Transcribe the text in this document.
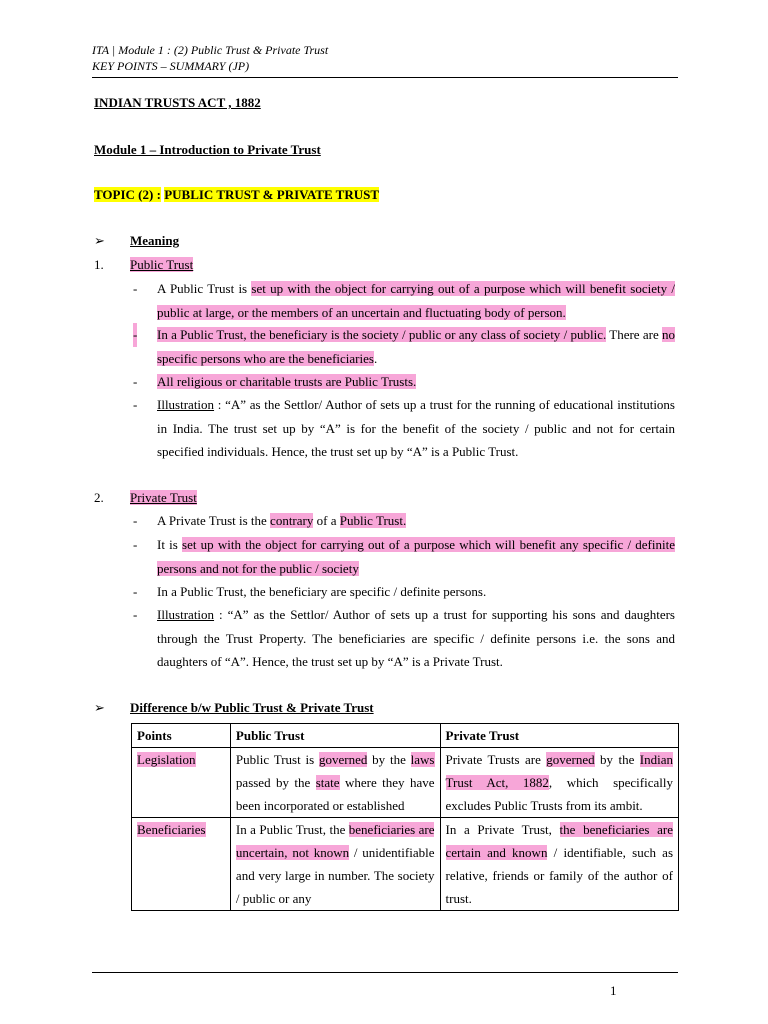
ITA | Module 1 : (2) Public Trust & Private Trust
KEY POINTS – SUMMARY (JP)
INDIAN TRUSTS ACT , 1882
Module 1 – Introduction to Private Trust
TOPIC (2) : PUBLIC TRUST & PRIVATE TRUST
➢ Meaning
1. Public Trust
- A Public Trust is set up with the object for carrying out of a purpose which will benefit society / public at large, or the members of an uncertain and fluctuating body of person.
- In a Public Trust, the beneficiary is the society / public or any class of society / public. There are no specific persons who are the beneficiaries.
- All religious or charitable trusts are Public Trusts.
- Illustration : “A” as the Settlor/ Author of sets up a trust for the running of educational institutions in India. The trust set up by “A” is for the benefit of the society / public and not for certain specified individuals. Hence, the trust set up by “A” is a Public Trust.
2. Private Trust
- A Private Trust is the contrary of a Public Trust.
- It is set up with the object for carrying out of a purpose which will benefit any specific / definite persons and not for the public / society
- In a Public Trust, the beneficiary are specific / definite persons.
- Illustration : “A” as the Settlor/ Author of sets up a trust for supporting his sons and daughters through the Trust Property. The beneficiaries are specific / definite persons i.e. the sons and daughters of “A”. Hence, the trust set up by “A” is a Private Trust.
➢ Difference b/w Public Trust & Private Trust
Points	Public Trust	Private Trust
Legislation	Public Trust is governed by the laws passed by the state where they have been incorporated or established	Private Trusts are governed by the Indian Trust Act, 1882, which specifically excludes Public Trusts from its ambit.
Beneficiaries	In a Public Trust, the beneficiaries are uncertain, not known / unidentifiable and very large in number. The society / public or any	In a Private Trust, the beneficiaries are certain and known / identifiable, such as relative, friends or family of the author of trust.
1
